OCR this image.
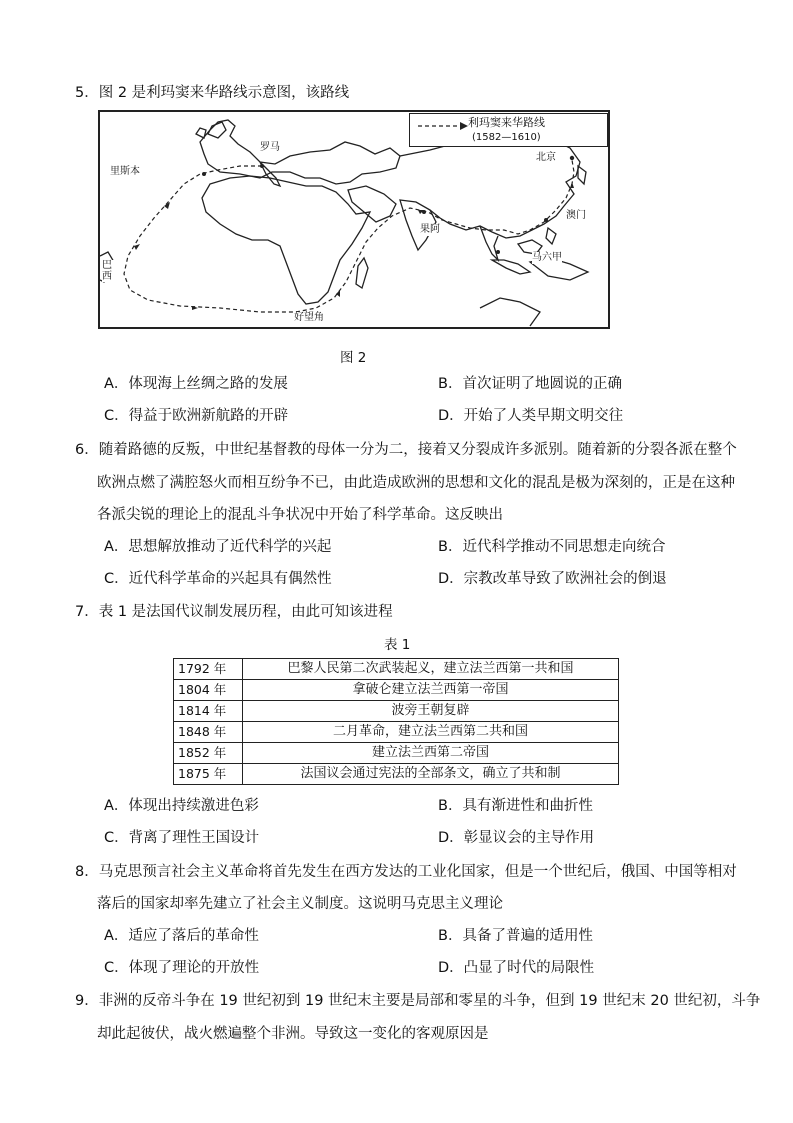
5．图 2 是利玛窦来华路线示意图，该路线
利玛窦来华路线
(1582—1610)
罗马
里斯本
巴西
好望角
果阿
马六甲
澳门
北京
图 2
A．体现海上丝绸之路的发展	B．首次证明了地圆说的正确
C．得益于欧洲新航路的开辟	D．开始了人类早期文明交往
6．随着路德的反叛，中世纪基督教的母体一分为二，接着又分裂成许多派别。随着新的分裂各派在整个
欧洲点燃了满腔怒火而相互纷争不已，由此造成欧洲的思想和文化的混乱是极为深刻的，正是在这种
各派尖锐的理论上的混乱斗争状况中开始了科学革命。这反映出
A．思想解放推动了近代科学的兴起	B．近代科学推动不同思想走向统合
C．近代科学革命的兴起具有偶然性	D．宗教改革导致了欧洲社会的倒退
7．表 1 是法国代议制发展历程，由此可知该进程
表 1
1792 年	巴黎人民第二次武装起义，建立法兰西第一共和国
1804 年	拿破仑建立法兰西第一帝国
1814 年	波旁王朝复辟
1848 年	二月革命，建立法兰西第二共和国
1852 年	建立法兰西第二帝国
1875 年	法国议会通过宪法的全部条文，确立了共和制
A．体现出持续激进色彩	B．具有渐进性和曲折性
C．背离了理性王国设计	D．彰显议会的主导作用
8．马克思预言社会主义革命将首先发生在西方发达的工业化国家，但是一个世纪后，俄国、中国等相对
落后的国家却率先建立了社会主义制度。这说明马克思主义理论
A．适应了落后的革命性	B．具备了普遍的适用性
C．体现了理论的开放性	D．凸显了时代的局限性
9．非洲的反帝斗争在 19 世纪初到 19 世纪末主要是局部和零星的斗争，但到 19 世纪末 20 世纪初，斗争
却此起彼伏，战火燃遍整个非洲。导致这一变化的客观原因是
